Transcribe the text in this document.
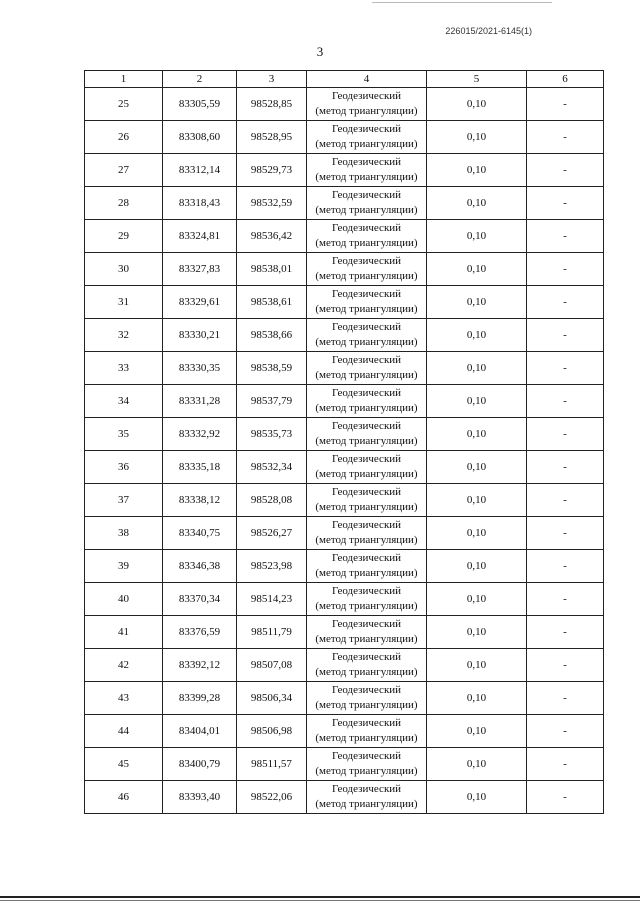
226015/2021-6145(1)
3
1	2	3	4	5	6
25	83305,59	98528,85	Геодезический
(метод триангуляции)	0,10	-
26	83308,60	98528,95	Геодезический
(метод триангуляции)	0,10	-
27	83312,14	98529,73	Геодезический
(метод триангуляции)	0,10	-
28	83318,43	98532,59	Геодезический
(метод триангуляции)	0,10	-
29	83324,81	98536,42	Геодезический
(метод триангуляции)	0,10	-
30	83327,83	98538,01	Геодезический
(метод триангуляции)	0,10	-
31	83329,61	98538,61	Геодезический
(метод триангуляции)	0,10	-
32	83330,21	98538,66	Геодезический
(метод триангуляции)	0,10	-
33	83330,35	98538,59	Геодезический
(метод триангуляции)	0,10	-
34	83331,28	98537,79	Геодезический
(метод триангуляции)	0,10	-
35	83332,92	98535,73	Геодезический
(метод триангуляции)	0,10	-
36	83335,18	98532,34	Геодезический
(метод триангуляции)	0,10	-
37	83338,12	98528,08	Геодезический
(метод триангуляции)	0,10	-
38	83340,75	98526,27	Геодезический
(метод триангуляции)	0,10	-
39	83346,38	98523,98	Геодезический
(метод триангуляции)	0,10	-
40	83370,34	98514,23	Геодезический
(метод триангуляции)	0,10	-
41	83376,59	98511,79	Геодезический
(метод триангуляции)	0,10	-
42	83392,12	98507,08	Геодезический
(метод триангуляции)	0,10	-
43	83399,28	98506,34	Геодезический
(метод триангуляции)	0,10	-
44	83404,01	98506,98	Геодезический
(метод триангуляции)	0,10	-
45	83400,79	98511,57	Геодезический
(метод триангуляции)	0,10	-
46	83393,40	98522,06	Геодезический
(метод триангуляции)	0,10	-
